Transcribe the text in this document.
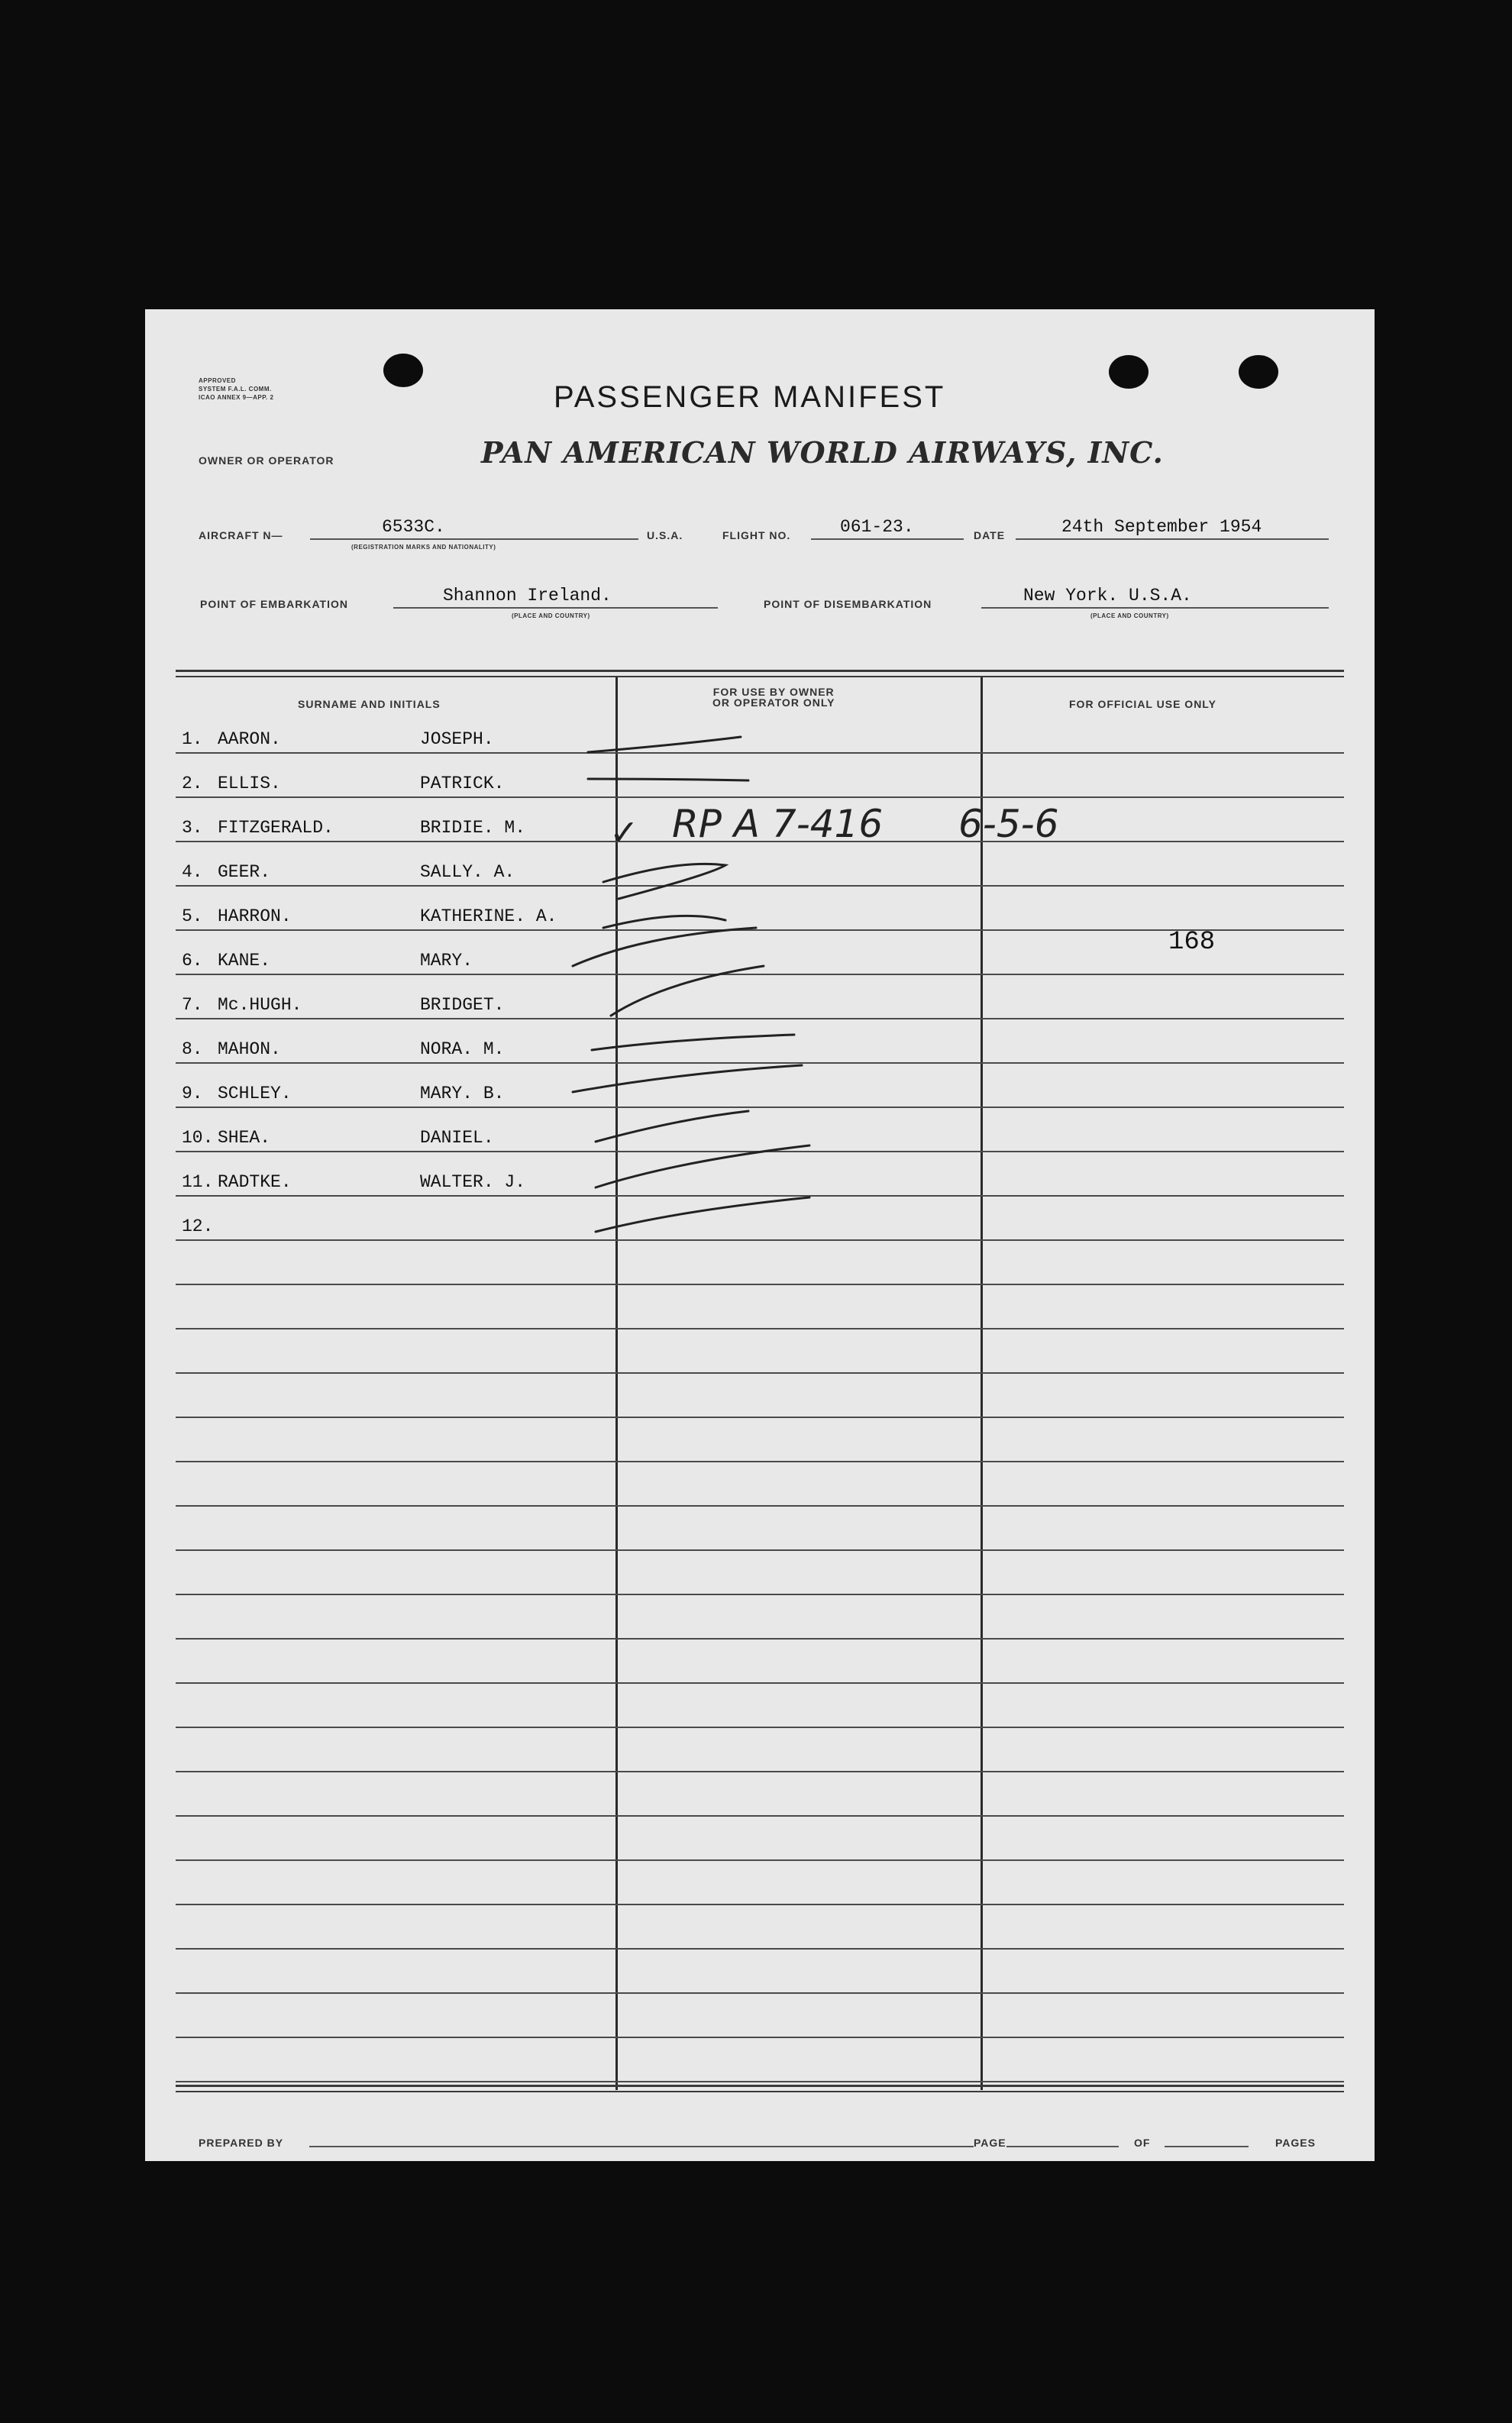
APPROVED
SYSTEM F.A.L. COMM.
ICAO ANNEX 9—APP. 2	PASSENGER MANIFEST
OWNER OR OPERATOR	PAN AMERICAN WORLD AIRWAYS, INC.
AIRCRAFT N—	6533C.
(REGISTRATION MARKS AND NATIONALITY)
U.S.A.	FLIGHT NO.	061-23.	DATE	24th September 1954
POINT OF EMBARKATION	Shannon Ireland.
(PLACE AND COUNTRY)
POINT OF DISEMBARKATION	New York. U.S.A.
(PLACE AND COUNTRY)
SURNAME AND INITIALS
FOR USE BY OWNER
OR OPERATOR ONLY	FOR OFFICIAL USE ONLY
1. AARON.	JOSEPH.
2. ELLIS.	PATRICK.
3. FITZGERALD.	BRIDIE. M.
4. GEER.	SALLY. A.
5. HARRON.	KATHERINE. A.
6. KANE.	MARY.
7. Mc.HUGH.	BRIDGET.
8. MAHON.	NORA. M.
9. SCHLEY.	MARY. B.
10. SHEA.	DANIEL.
11. RADTKE.	WALTER. J.
12.
✓ RP A 7-416 6-5-6
168
PREPARED BY	PAGE	OF	PAGES
